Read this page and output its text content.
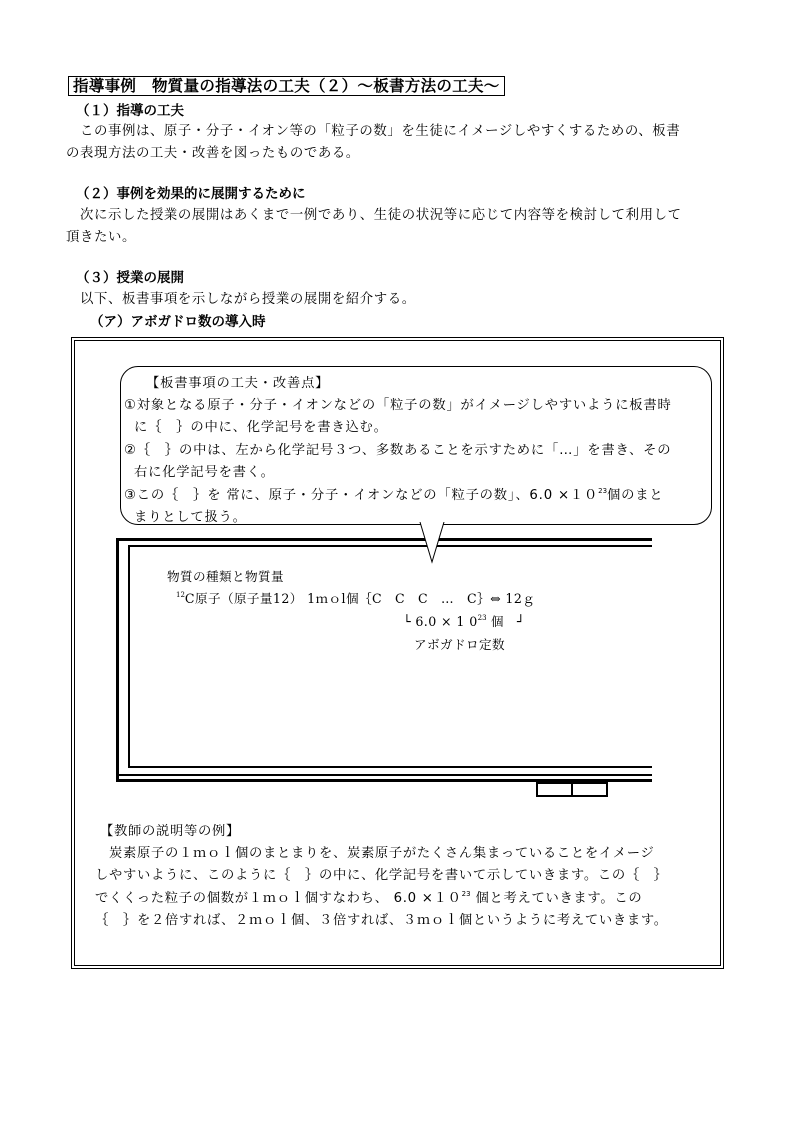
指導事例　物質量の指導法の工夫（２）～板書方法の工夫～
（１）指導の工夫
　この事例は、原子・分子・イオン等の「粒子の数」を生徒にイメージしやすくするための、板書
の表現方法の工夫・改善を図ったものである。
（２）事例を効果的に展開するために
　次に示した授業の展開はあくまで一例であり、生徒の状況等に応じて内容等を検討して利用して
頂きたい。
（３）授業の展開
以下、板書事項を示しながら授業の展開を紹介する。
（ア）アボガドロ数の導入時
【板書事項の工夫・改善点】
①対象となる原子・分子・イオンなどの「粒子の数」がイメージしやすいように板書時
に｛　｝の中に、化学記号を書き込む。
②｛　｝の中は、左から化学記号３つ、多数あることを示すために「…」を書き、その
右に化学記号を書く。
③この｛　｝を 常に、原子・分子・イオンなどの「粒子の数」、$6.0 \times 10^{23}$個のまと
まりとして扱う。
物質の種類と物質量
$^{12}$C原子（原子量12） 1ｍｏl個｛C　C　C　…　C｝⇔ 12ｇ
└ 6.0 × 1 $0^{23}$ 個　┘
アボガドロ定数
【教師の説明等の例】
　炭素原子の１ｍｏｌ個のまとまりを、炭素原子がたくさん集まっていることをイメージ
しやすいように、このように｛　｝の中に、化学記号を書いて示していきます。この｛　｝
でくくった粒子の個数が１ｍｏｌ個すなわち、 $6.0 \times 10^{23}$ 個と考えていきます。この
｛　｝を２倍すれば、２ｍｏｌ個、３倍すれば、３ｍｏｌ個というように考えていきます。
